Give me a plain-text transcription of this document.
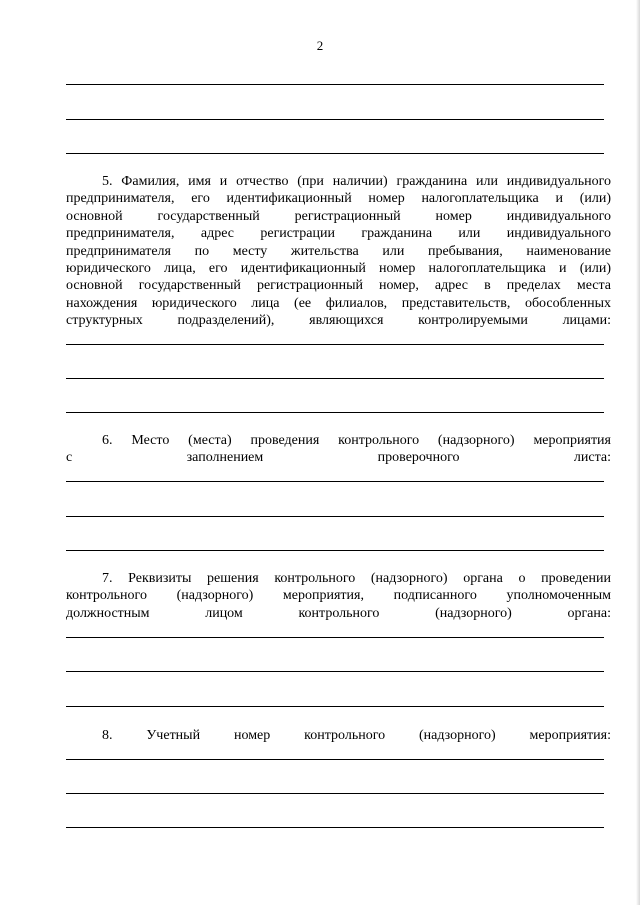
2
5. Фамилия, имя и отчество (при наличии) гражданина или индивидуального
предпринимателя, его идентификационный номер налогоплательщика и (или)
основной государственный регистрационный номер индивидуального
предпринимателя, адрес регистрации гражданина или индивидуального
предпринимателя по месту жительства или пребывания, наименование
юридического лица, его идентификационный номер налогоплательщика и (или)
основной государственный регистрационный номер, адрес в пределах места
нахождения юридического лица (ее филиалов, представительств, обособленных
структурных подразделений), являющихся контролируемыми лицами:
6. Место (места) проведения контрольного (надзорного) мероприятия
с заполнением проверочного листа:
7. Реквизиты решения контрольного (надзорного) органа о проведении
контрольного (надзорного) мероприятия, подписанного уполномоченным
должностным лицом контрольного (надзорного) органа:
8. Учетный номер контрольного (надзорного) мероприятия:
